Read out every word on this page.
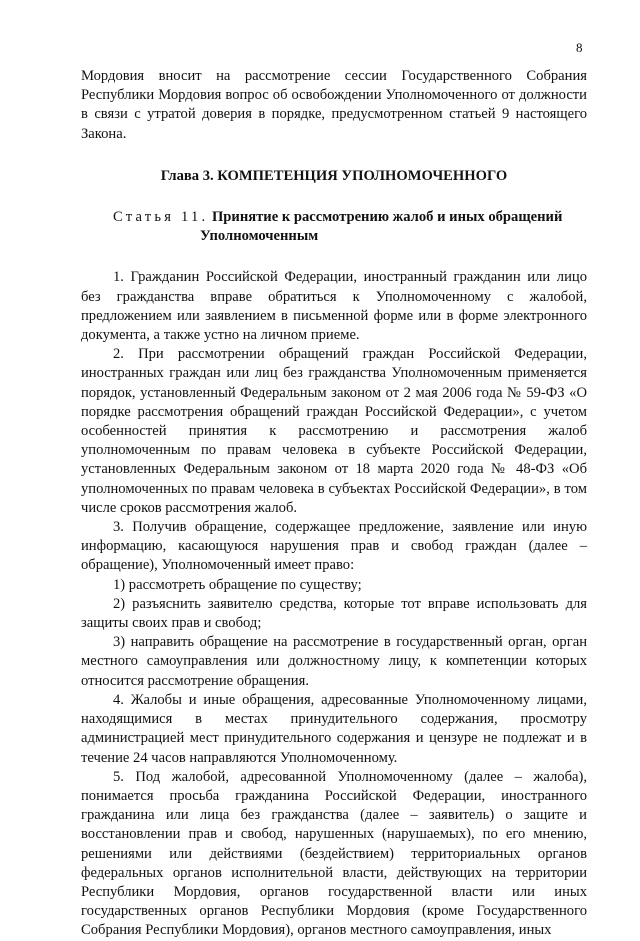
8

Мордовия вносит на рассмотрение сессии Государственного Собрания Республики Мордовия вопрос об освобождении Уполномоченного от должности в связи с утратой доверия в порядке, предусмотренном статьей 9 настоящего Закона.

Глава 3. КОМПЕТЕНЦИЯ УПОЛНОМОЧЕННОГО
Статья 11. Принятие к рассмотрению жалоб и иных обращений
Уполномоченным

1. Гражданин Российской Федерации, иностранный гражданин или лицо без гражданства вправе обратиться к Уполномоченному с жалобой, предложением или заявлением в письменной форме или в форме электронного документа, а также устно на личном приеме.

2. При рассмотрении обращений граждан Российской Федерации, иностранных граждан или лиц без гражданства Уполномоченным применяется порядок, установленный Федеральным законом от 2 мая 2006 года № 59-ФЗ «О порядке рассмотрения обращений граждан Российской Федерации», с учетом особенностей принятия к рассмотрению и рассмотрения жалоб уполномоченным по правам человека в субъекте Российской Федерации, установленных Федеральным законом от 18 марта 2020 года № 48-ФЗ «Об уполномоченных по правам человека в субъектах Российской Федерации», в том числе сроков рассмотрения жалоб.

3. Получив обращение, содержащее предложение, заявление или иную информацию, касающуюся нарушения прав и свобод граждан (далее – обращение), Уполномоченный имеет право:

1) рассмотреть обращение по существу;

2) разъяснить заявителю средства, которые тот вправе использовать для защиты своих прав и свобод;

3) направить обращение на рассмотрение в государственный орган, орган местного самоуправления или должностному лицу, к компетенции которых относится рассмотрение обращения.

4. Жалобы и иные обращения, адресованные Уполномоченному лицами, находящимися в местах принудительного содержания, просмотру администрацией мест принудительного содержания и цензуре не подлежат и в течение 24 часов направляются Уполномоченному.

5. Под жалобой, адресованной Уполномоченному (далее – жалоба), понимается просьба гражданина Российской Федерации, иностранного гражданина или лица без гражданства (далее – заявитель) о защите и восстановлении прав и свобод, нарушенных (нарушаемых), по его мнению, решениями или действиями (бездействием) территориальных органов федеральных органов исполнительной власти, действующих на территории Республики Мордовия, органов государственной власти или иных государственных органов Республики Мордовия (кроме Государственного Собрания Республики Мордовия), органов местного самоуправления, иных
